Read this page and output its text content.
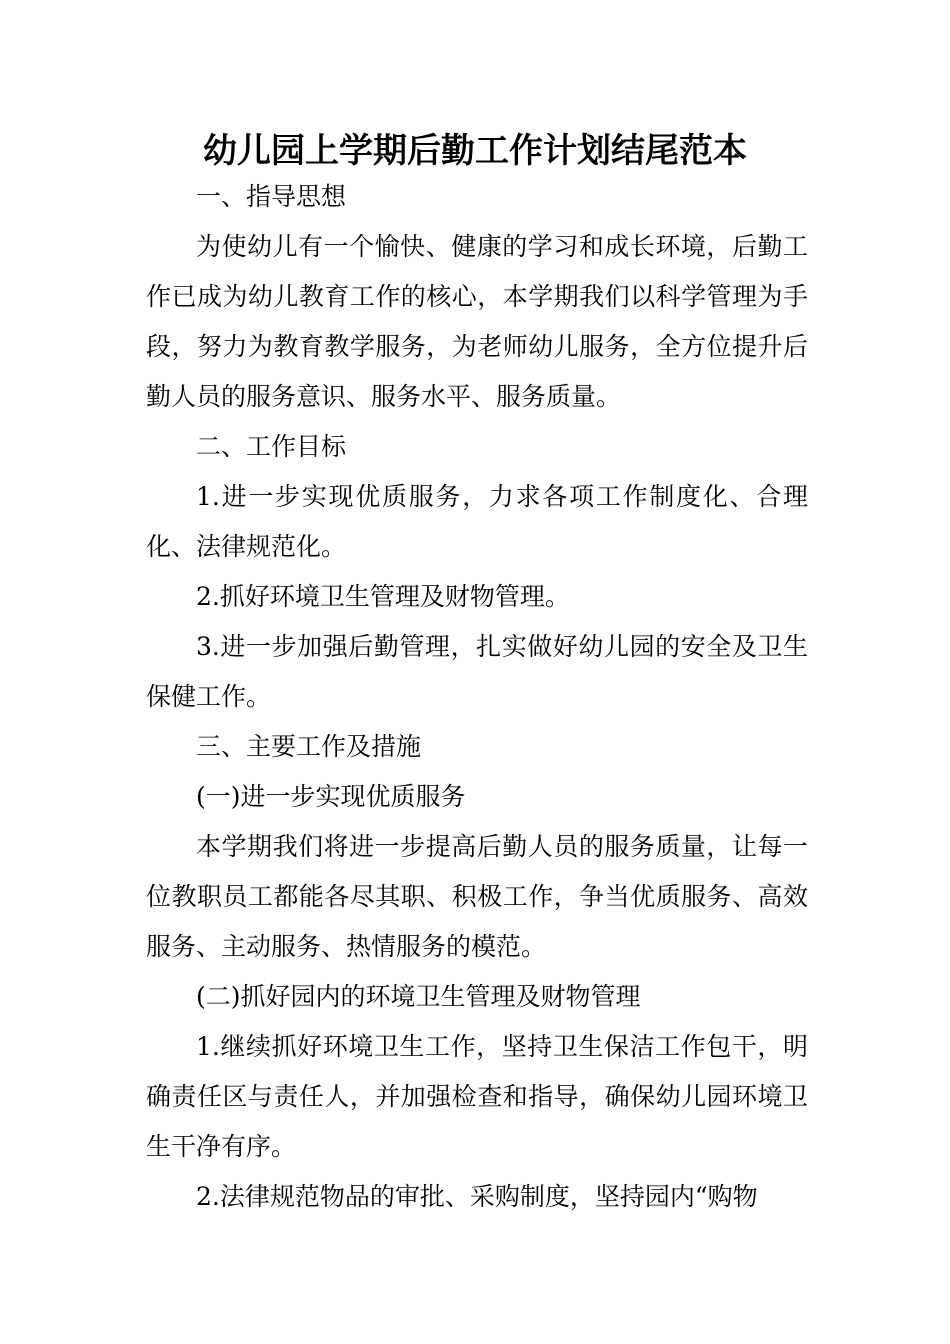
幼儿园上学期后勤工作计划结尾范本

一、指导思想

为使幼儿有一个愉快、健康的学习和成长环境，后勤工作已成为幼儿教育工作的核心，本学期我们以科学管理为手段，努力为教育教学服务，为老师幼儿服务，全方位提升后勤人员的服务意识、服务水平、服务质量。

二、工作目标

1.进一步实现优质服务，力求各项工作制度化、合理化、法律规范化。

2.抓好环境卫生管理及财物管理。

3.进一步加强后勤管理，扎实做好幼儿园的安全及卫生保健工作。

三、主要工作及措施

(一)进一步实现优质服务

本学期我们将进一步提高后勤人员的服务质量，让每一位教职员工都能各尽其职、积极工作，争当优质服务、高效服务、主动服务、热情服务的模范。

(二)抓好园内的环境卫生管理及财物管理

1.继续抓好环境卫生工作，坚持卫生保洁工作包干，明确责任区与责任人，并加强检查和指导，确保幼儿园环境卫生干净有序。

2.法律规范物品的审批、采购制度，坚持园内“购物
